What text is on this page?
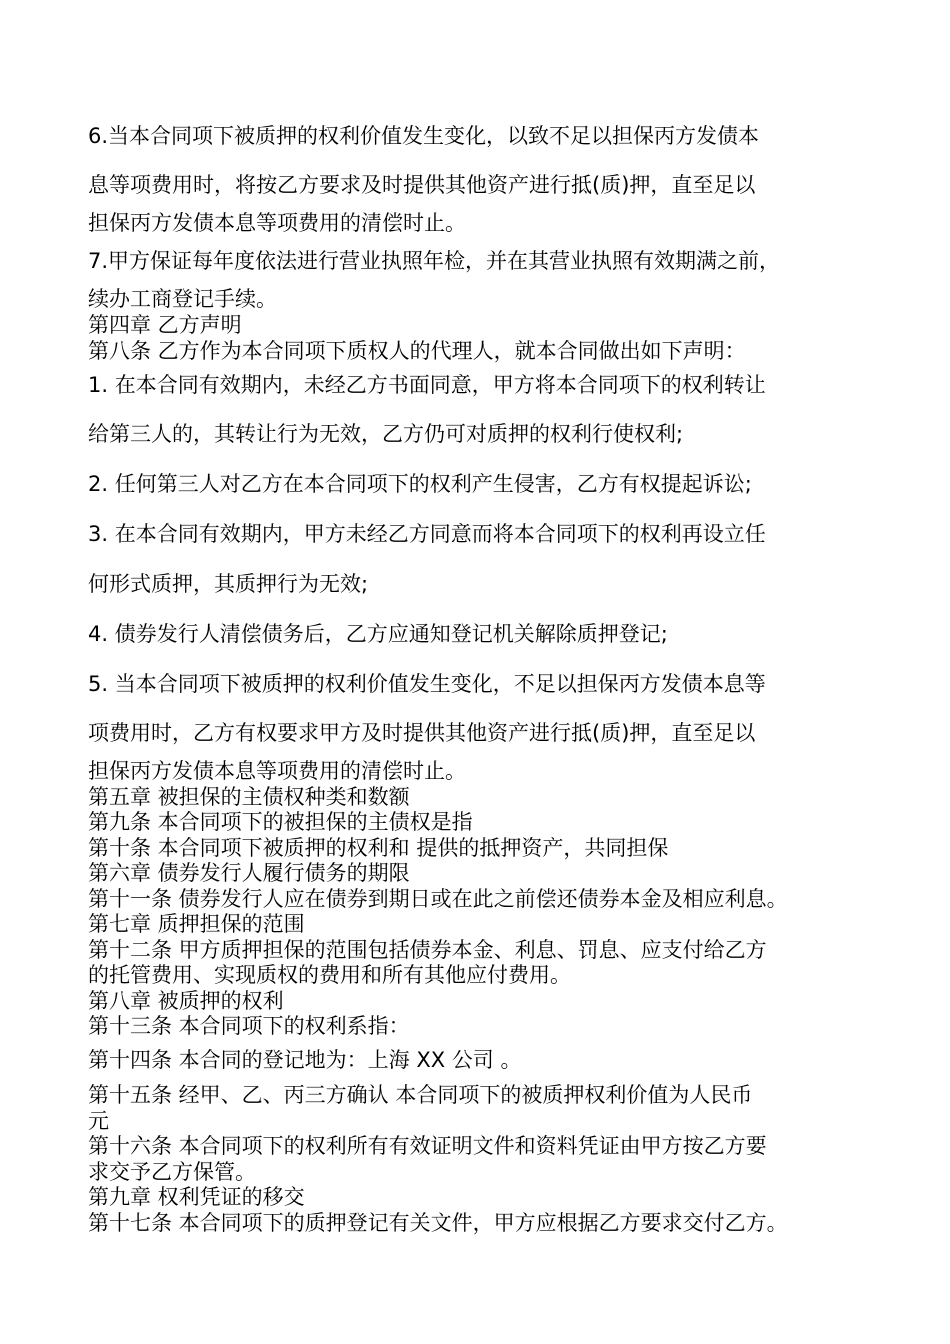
6.当本合同项下被质押的权利价值发生变化，以致不足以担保丙方发债本
息等项费用时，将按乙方要求及时提供其他资产进行抵(质)押，直至足以
担保丙方发债本息等项费用的清偿时止。
7.甲方保证每年度依法进行营业执照年检，并在其营业执照有效期满之前，
续办工商登记手续。
第四章 乙方声明
第八条 乙方作为本合同项下质权人的代理人，就本合同做出如下声明：
1. 在本合同有效期内，未经乙方书面同意，甲方将本合同项下的权利转让
给第三人的，其转让行为无效，乙方仍可对质押的权利行使权利;
2. 任何第三人对乙方在本合同项下的权利产生侵害，乙方有权提起诉讼;
3. 在本合同有效期内，甲方未经乙方同意而将本合同项下的权利再设立任
何形式质押，其质押行为无效;
4. 债券发行人清偿债务后，乙方应通知登记机关解除质押登记;
5. 当本合同项下被质押的权利价值发生变化，不足以担保丙方发债本息等
项费用时，乙方有权要求甲方及时提供其他资产进行抵(质)押，直至足以
担保丙方发债本息等项费用的清偿时止。
第五章 被担保的主债权种类和数额
第九条 本合同项下的被担保的主债权是指
第十条 本合同项下被质押的权利和 提供的抵押资产，共同担保
第六章 债券发行人履行债务的期限
第十一条 债券发行人应在债券到期日或在此之前偿还债券本金及相应利息。
第七章 质押担保的范围
第十二条 甲方质押担保的范围包括债券本金、利息、罚息、应支付给乙方
的托管费用、实现质权的费用和所有其他应付费用。
第八章 被质押的权利
第十三条 本合同项下的权利系指：
第十四条 本合同的登记地为：上海 XX 公司 。
第十五条 经甲、乙、丙三方确认 本合同项下的被质押权利价值为人民币
元
第十六条 本合同项下的权利所有有效证明文件和资料凭证由甲方按乙方要
求交予乙方保管。
第九章 权利凭证的移交
第十七条 本合同项下的质押登记有关文件，甲方应根据乙方要求交付乙方。
